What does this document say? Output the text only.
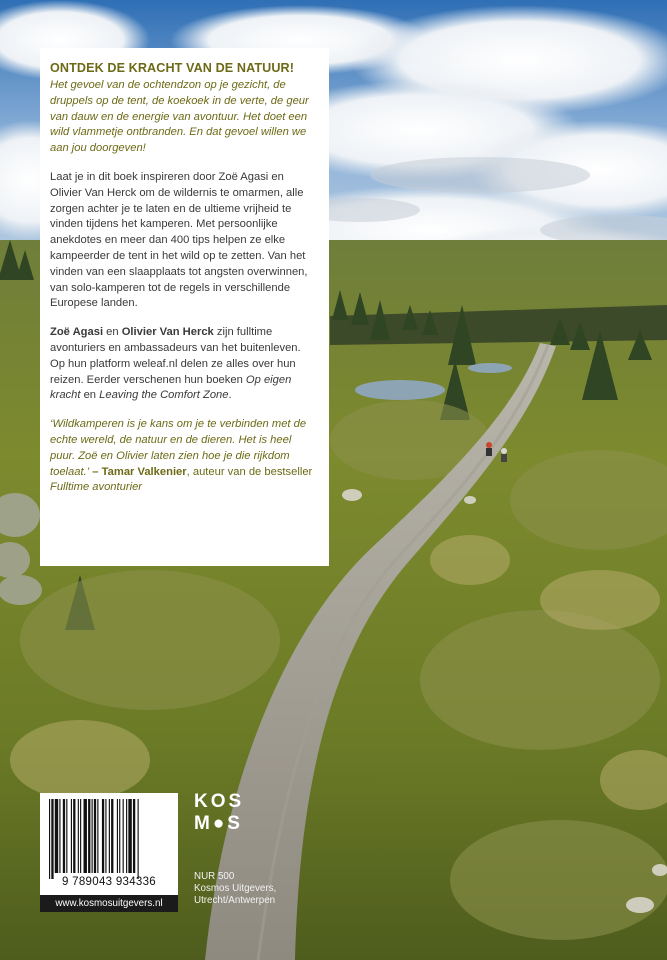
ONTDEK DE KRACHT VAN DE NATUUR!

Het gevoel van de ochtendzon op je gezicht, de druppels op de tent, de koekoek in de verte, de geur van dauw en de energie van avontuur. Het doet een wild vlammetje ontbranden. En dat gevoel willen we aan jou doorgeven!

Laat je in dit boek inspireren door Zoë Agasi en Olivier Van Herck om de wildernis te omarmen, alle zorgen achter je te laten en de ultieme vrijheid te vinden tijdens het kamperen. Met persoonlijke anekdotes en meer dan 400 tips helpen ze elke kampeerder de tent in het wild op te zetten. Van het vinden van een slaapplaats tot angsten overwinnen, van solo-kamperen tot de regels in verschillende Europese landen.

Zoë Agasi en Olivier Van Herck zijn fulltime avonturiers en ambassadeurs van het buitenleven. Op hun platform weleaf.nl delen ze alles over hun reizen. Eerder verschenen hun boeken Op eigen kracht en Leaving the Comfort Zone.

‘Wildkamperen is je kans om je te verbinden met de echte wereld, de natuur en de dieren. Het is heel puur. Zoë en Olivier laten zien hoe je die rijkdom toelaat.’ – Tamar Valkenier, auteur van de bestseller Fulltime avonturier

9 789043 934336
www.kosmosuitgevers.nl
KOS
M●S
NUR 500
Kosmos Uitgevers,
Utrecht/Antwerpen
